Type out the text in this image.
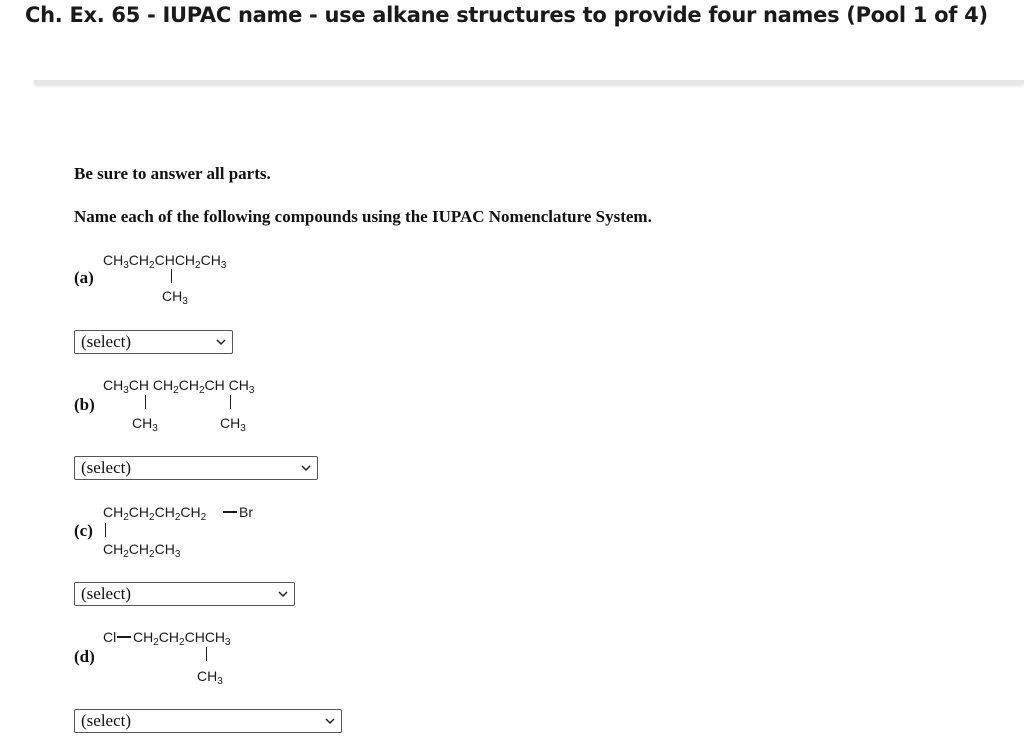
Ch. Ex. 65 - IUPAC name - use alkane structures to provide four names (Pool 1 of 4)
Be sure to answer all parts.
Name each of the following compounds using the IUPAC Nomenclature System.
(a)
$CH_3CH_2CHCH_2CH_3$
$CH_3$
(select)
(b)
$CH_3CH$ $CH_2CH_2CH$ $CH_3$
$CH_3$	$CH_3$
(select)
(c)
$CH_2CH_2CH_2CH_2$ Br
$CH_2CH_2CH_3$
(select)
(d)
Cl $CH_2CH_2CHCH_3$
$CH_3$
(select)
